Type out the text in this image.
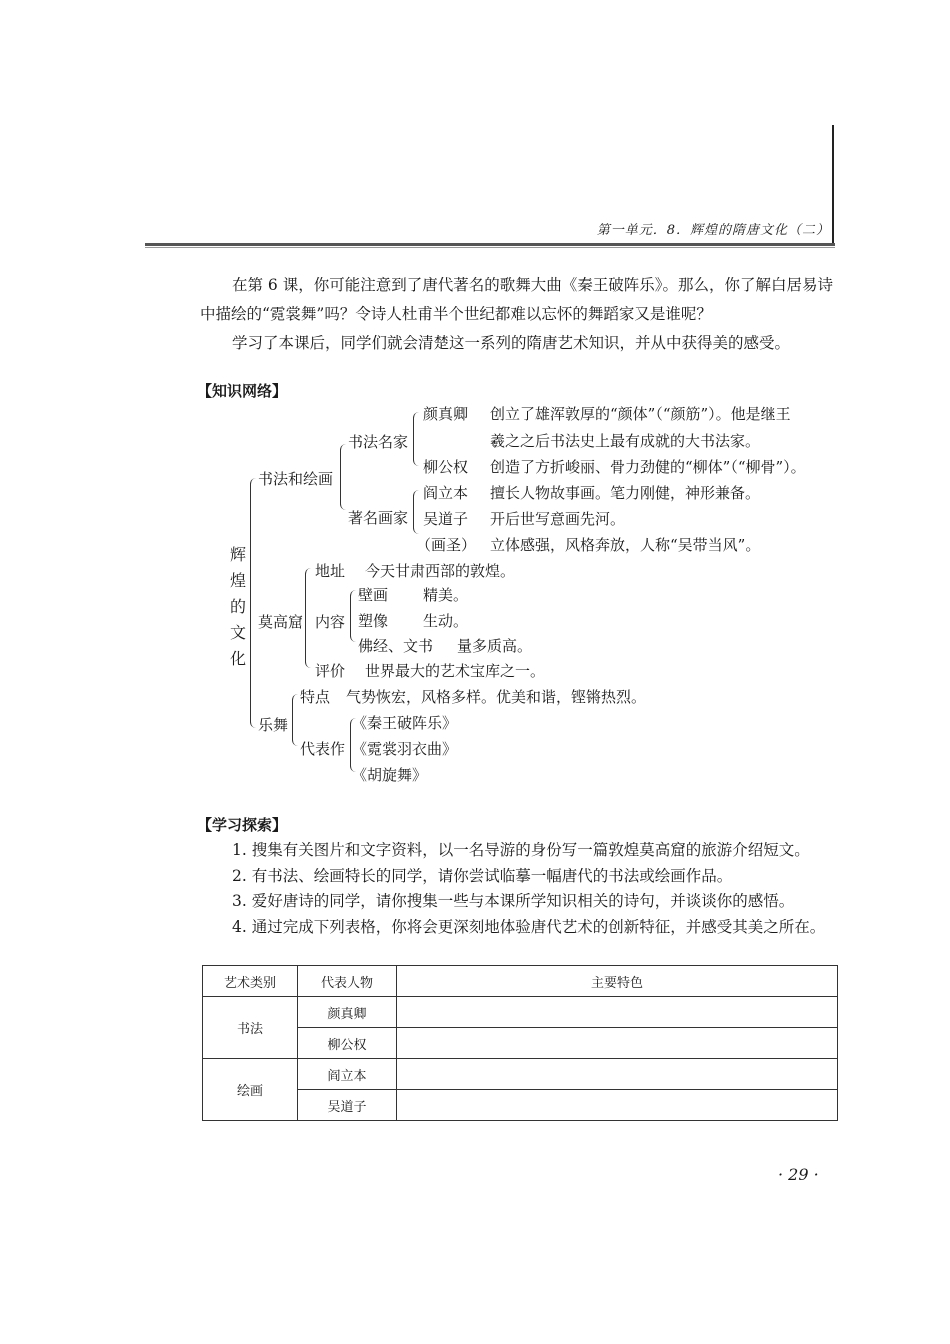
第一单元．8．辉煌的隋唐文化（二）

在第 6 课，你可能注意到了唐代著名的歌舞大曲《秦王破阵乐》。那么，你了解白居易诗中描绘的“霓裳舞”吗？令诗人杜甫半个世纪都难以忘怀的舞蹈家又是谁呢？

学习了本课后，同学们就会清楚这一系列的隋唐艺术知识，并从中获得美的感受。

【知识网络】
辉
煌
的
文
化
书法和绘画
书法名家
颜真卿 创立了雄浑敦厚的“颜体”（“颜筋”）。他是继王
羲之之后书法史上最有成就的大书法家。
柳公权 创造了方折峻丽、骨力劲健的“柳体”（“柳骨”）。
著名画家
阎立本 擅长人物故事画。笔力刚健，神形兼备。
吴道子 开后世写意画先河。
（画圣） 立体感强，风格奔放，人称“吴带当风”。
莫高窟
地址 今天甘肃西部的敦煌。
内容
壁画 精美。
塑像 生动。
佛经、文书 量多质高。
评价 世界最大的艺术宝库之一。
乐舞
特点 气势恢宏，风格多样。优美和谐，铿锵热烈。
代表作
《秦王破阵乐》
《霓裳羽衣曲》
《胡旋舞》
【学习探索】
1. 搜集有关图片和文字资料，以一名导游的身份写一篇敦煌莫高窟的旅游介绍短文。
2. 有书法、绘画特长的同学，请你尝试临摹一幅唐代的书法或绘画作品。
3. 爱好唐诗的同学，请你搜集一些与本课所学知识相关的诗句，并谈谈你的感悟。
4. 通过完成下列表格，你将会更深刻地体验唐代艺术的创新特征，并感受其美之所在。
艺术类别	代表人物	主要特色
书法	颜真卿	
	柳公权	
绘画	阎立本	
	吴道子	
· 29 ·
